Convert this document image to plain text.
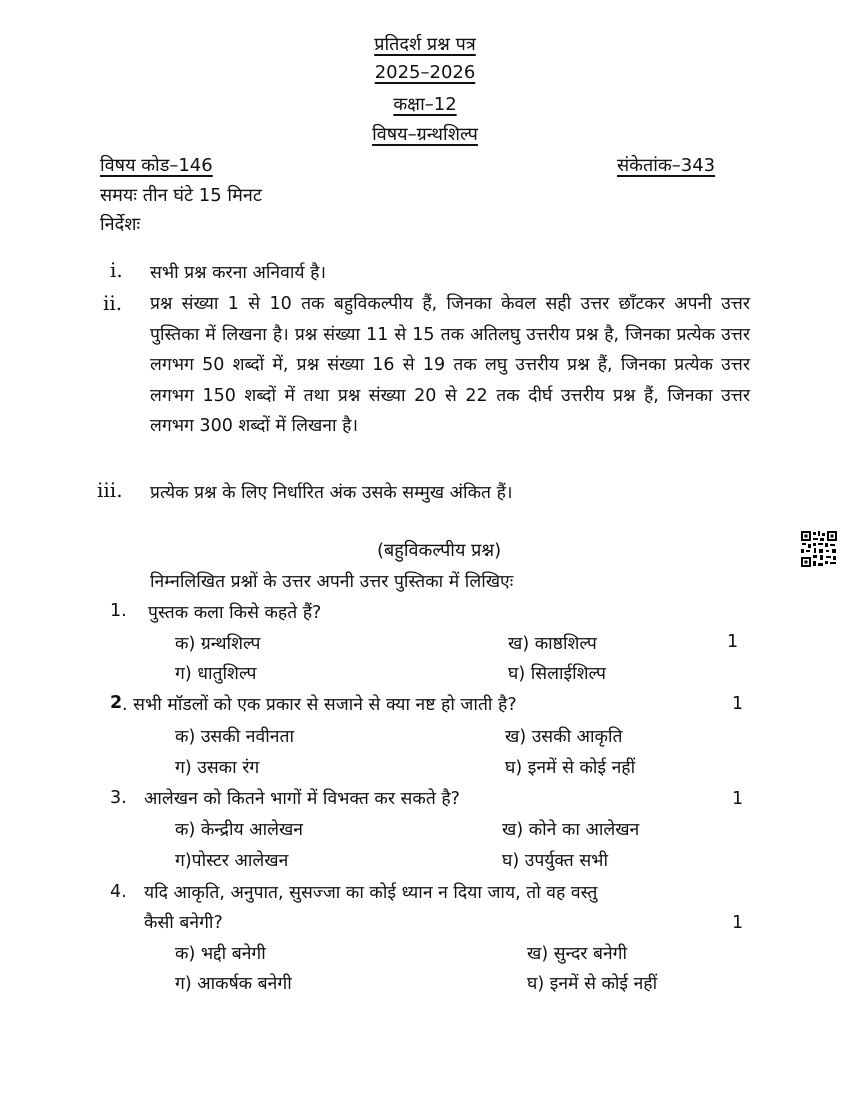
प्रतिदर्श प्रश्न पत्र
2025–2026
कक्षा–12
विषय–ग्रन्थशिल्प
विषय कोड–146	संकेतांक–343
समयः तीन घंटे 15 मिनट
निर्देशः
i. सभी प्रश्न करना अनिवार्य है।
ii. प्रश्न संख्या 1 से 10 तक बहुविकल्पीय हैं, जिनका केवल सही उत्तर छाँटकर अपनी उत्तर पुस्तिका में लिखना है। प्रश्न संख्या 11 से 15 तक अतिलघु उत्तरीय प्रश्न है, जिनका प्रत्येक उत्तर लगभग 50 शब्दों में, प्रश्न संख्या 16 से 19 तक लघु उत्तरीय प्रश्न हैं, जिनका प्रत्येक उत्तर लगभग 150 शब्दों में तथा प्रश्न संख्या 20 से 22 तक दीर्घ उत्तरीय प्रश्न हैं, जिनका उत्तर लगभग 300 शब्दों में लिखना है।
iii. प्रत्येक प्रश्न के लिए निर्धारित अंक उसके सम्मुख अंकित हैं।
(बहुविकल्पीय प्रश्न)
निम्नलिखित प्रश्नों के उत्तर अपनी उत्तर पुस्तिका में लिखिएः
1. पुस्तक कला किसे कहते हैं?
क) ग्रन्थशिल्प	ख) काष्ठशिल्प	1
ग) धातुशिल्प	घ) सिलाईशिल्प
2 . सभी मॉडलों को एक प्रकार से सजाने से क्या नष्ट हो जाती है?	1
क) उसकी नवीनता	ख) उसकी आकृति
ग) उसका रंग	घ) इनमें से कोई नहीं
3. आलेखन को कितने भागों में विभक्त कर सकते है?	1
क) केन्द्रीय आलेखन	ख) कोने का आलेखन
ग)पोस्टर आलेखन	घ) उपर्युक्त सभी
4. यदि आकृति, अनुपात, सुसज्जा का कोई ध्यान न दिया जाय, तो वह वस्तु
कैसी बनेगी?	1
क) भद्दी बनेगी	ख) सुन्दर बनेगी
ग) आकर्षक बनेगी	घ) इनमें से कोई नहीं
